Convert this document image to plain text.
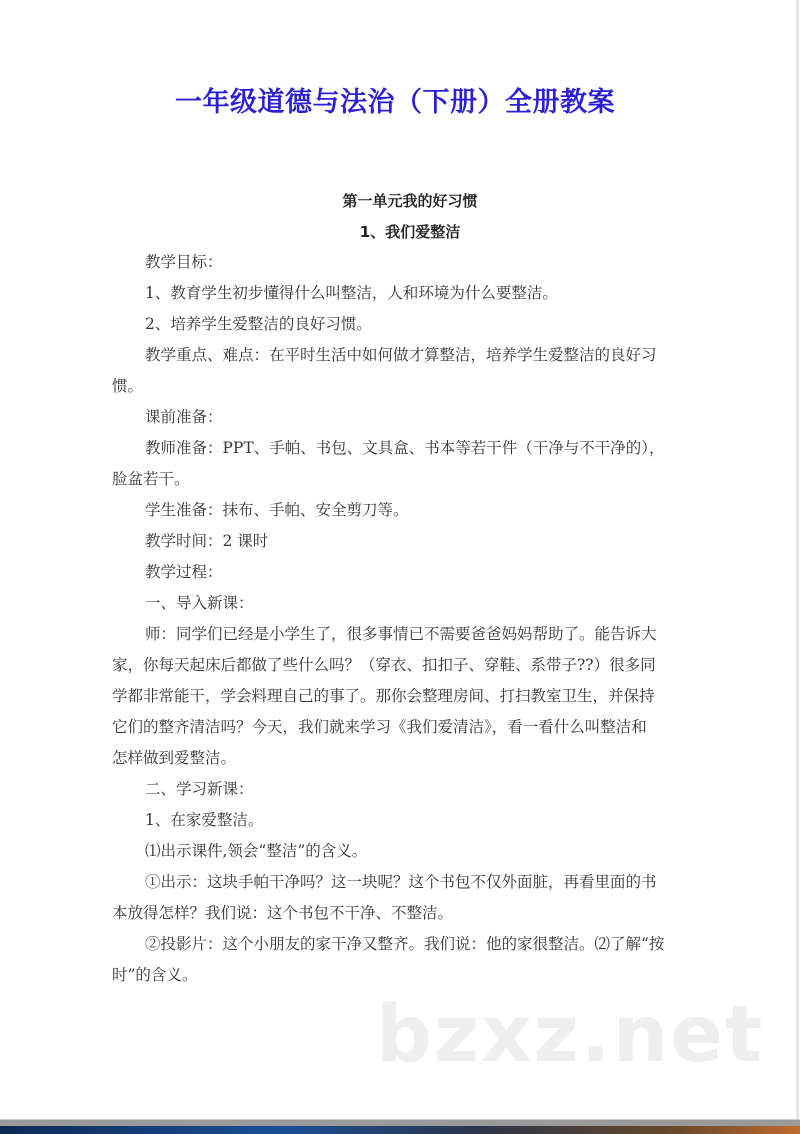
一年级道德与法治（下册）全册教案
第一单元我的好习惯
1、我们爱整洁
教学目标：
1、教育学生初步懂得什么叫整洁，人和环境为什么要整洁。
2、培养学生爱整洁的良好习惯。
教学重点、难点：在平时生活中如何做才算整洁，培养学生爱整洁的良好习
惯。
课前准备：
教师准备：PPT、手帕、书包、文具盒、书本等若干件（干净与不干净的），
脸盆若干。
学生准备：抹布、手帕、安全剪刀等。
教学时间：2 课时
教学过程：
一、导入新课：
师：同学们已经是小学生了，很多事情已不需要爸爸妈妈帮助了。能告诉大
家，你每天起床后都做了些什么吗？（穿衣、扣扣子、穿鞋、系带子??）很多同
学都非常能干，学会料理自己的事了。那你会整理房间、打扫教室卫生，并保持
它们的整齐清洁吗？今天，我们就来学习《我们爱清洁》，看一看什么叫整洁和
怎样做到爱整洁。
二、学习新课：
1、在家爱整洁。
⑴出示课件,领会“整洁”的含义。
①出示：这块手帕干净吗？这一块呢？这个书包不仅外面脏，再看里面的书
本放得怎样？我们说：这个书包不干净、不整洁。
②投影片：这个小朋友的家干净又整齐。我们说：他的家很整洁。⑵了解“按
时”的含义。
bzxz.net
